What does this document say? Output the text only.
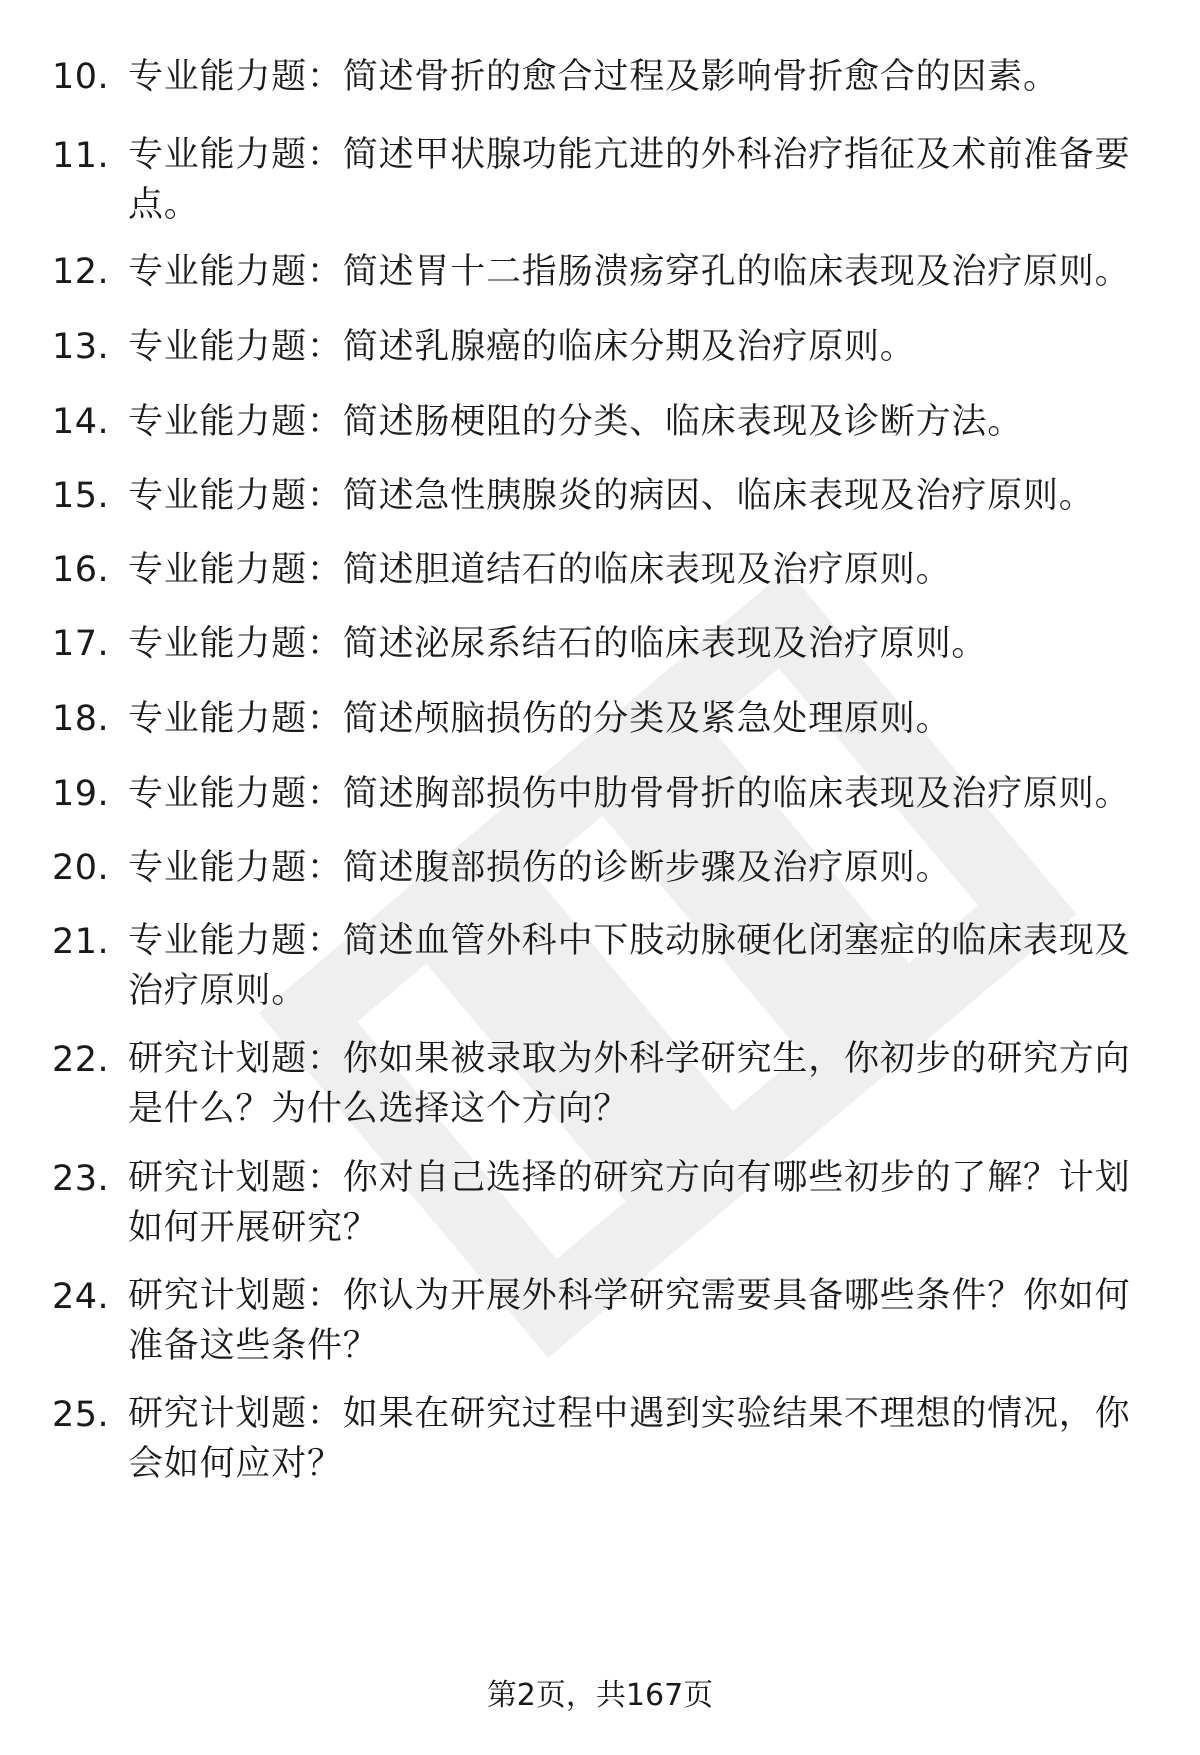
10. 专业能力题：简述骨折的愈合过程及影响骨折愈合的因素。
11. 专业能力题：简述甲状腺功能亢进的外科治疗指征及术前准备要点。
12. 专业能力题：简述胃十二指肠溃疡穿孔的临床表现及治疗原则。
13. 专业能力题：简述乳腺癌的临床分期及治疗原则。
14. 专业能力题：简述肠梗阻的分类、临床表现及诊断方法。
15. 专业能力题：简述急性胰腺炎的病因、临床表现及治疗原则。
16. 专业能力题：简述胆道结石的临床表现及治疗原则。
17. 专业能力题：简述泌尿系结石的临床表现及治疗原则。
18. 专业能力题：简述颅脑损伤的分类及紧急处理原则。
19. 专业能力题：简述胸部损伤中肋骨骨折的临床表现及治疗原则。
20. 专业能力题：简述腹部损伤的诊断步骤及治疗原则。
21. 专业能力题：简述血管外科中下肢动脉硬化闭塞症的临床表现及治疗原则。
22. 研究计划题：你如果被录取为外科学研究生，你初步的研究方向是什么？为什么选择这个方向？
23. 研究计划题：你对自己选择的研究方向有哪些初步的了解？计划如何开展研究？
24. 研究计划题：你认为开展外科学研究需要具备哪些条件？你如何准备这些条件？
25. 研究计划题：如果在研究过程中遇到实验结果不理想的情况，你会如何应对？
第2页，共167页
